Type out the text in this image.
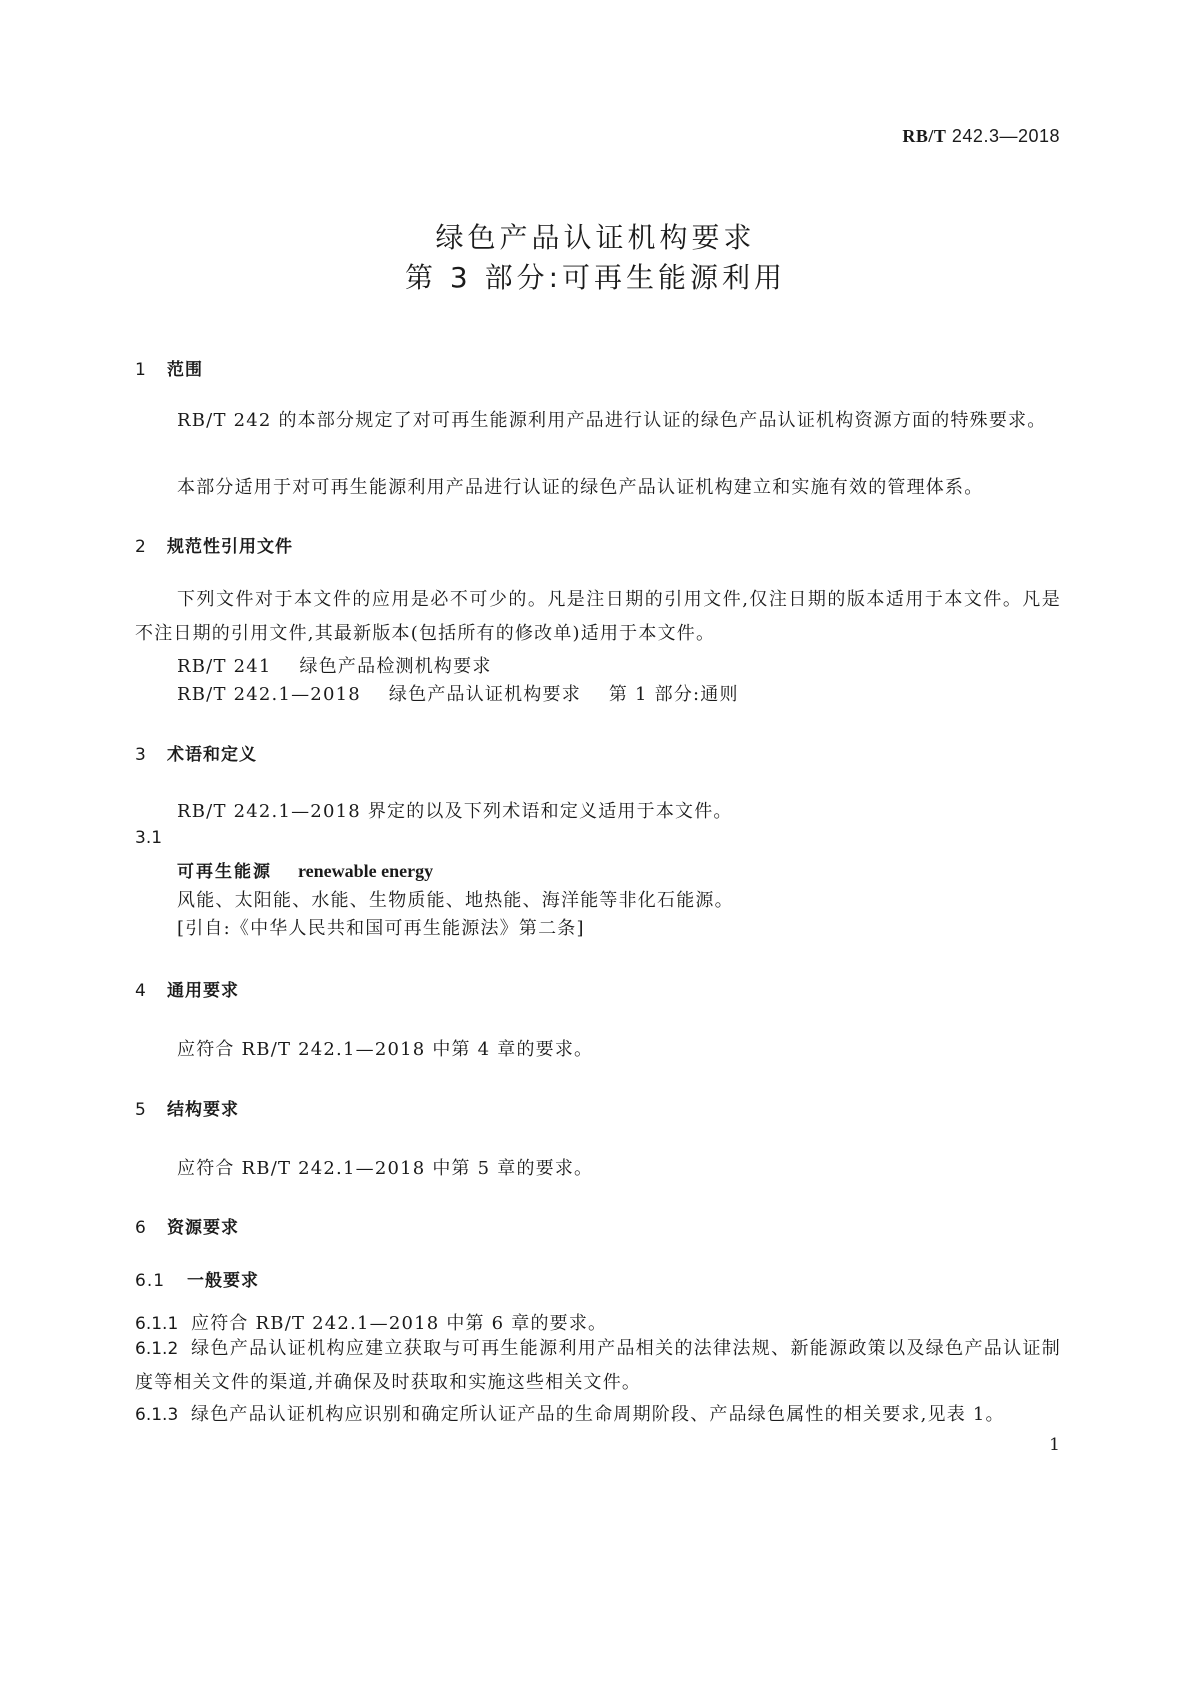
RB/T 242.3—2018
绿色产品认证机构要求
第 3 部分:可再生能源利用
1 范围

RB/T 242 的本部分规定了对可再生能源利用产品进行认证的绿色产品认证机构资源方面的特殊要求。

本部分适用于对可再生能源利用产品进行认证的绿色产品认证机构建立和实施有效的管理体系。
2 规范性引用文件

下列文件对于本文件的应用是必不可少的。凡是注日期的引用文件,仅注日期的版本适用于本文件。凡是不注日期的引用文件,其最新版本(包括所有的修改单)适用于本文件。

RB/T 241 绿色产品检测机构要求
RB/T 242.1—2018 绿色产品认证机构要求 第 1 部分:通则
3 术语和定义
RB/T 242.1—2018 界定的以及下列术语和定义适用于本文件。
3.1
可再生能源 renewable energy
风能、太阳能、水能、生物质能、地热能、海洋能等非化石能源。
[引自:《中华人民共和国可再生能源法》第二条]
4 通用要求
应符合 RB/T 242.1—2018 中第 4 章的要求。
5 结构要求
应符合 RB/T 242.1—2018 中第 5 章的要求。
6 资源要求
6.1 一般要求
6.1.1 应符合 RB/T 242.1—2018 中第 6 章的要求。

6.1.2 绿色产品认证机构应建立获取与可再生能源利用产品相关的法律法规、新能源政策以及绿色产品认证制度等相关文件的渠道,并确保及时获取和实施这些相关文件。

6.1.3 绿色产品认证机构应识别和确定所认证产品的生命周期阶段、产品绿色属性的相关要求,见表 1。
1
